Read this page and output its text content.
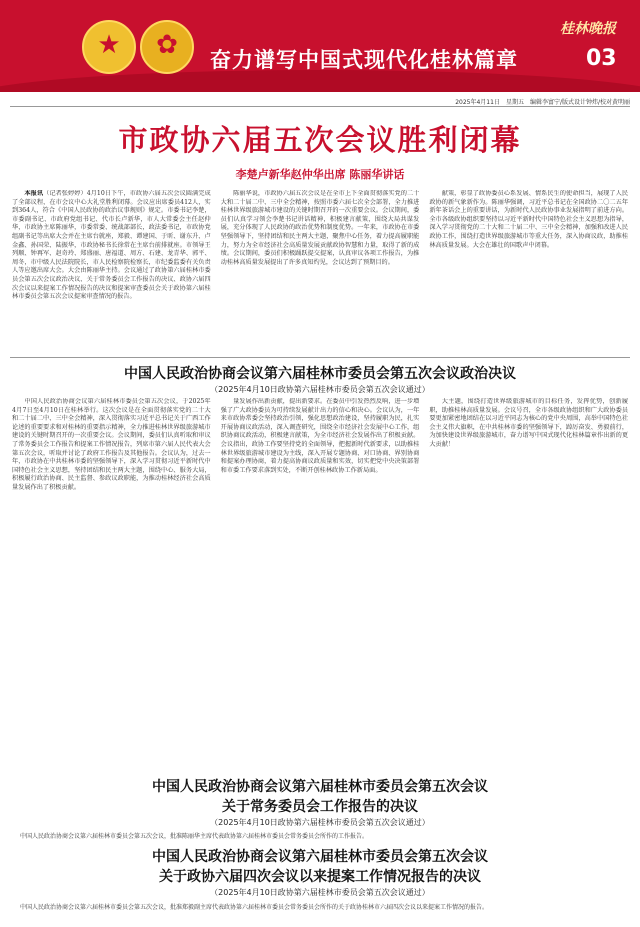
★	✿	奋力谱写中国式现代化桂林篇章
桂林晚报
03
2025年4月11日　星期五　编辑李富宁/版式设计钟炜/校对黄明丽
市政协六届五次会议胜利闭幕
李楚卢新华赵仲华出席 陈丽华讲话

本报讯（记者张婷婷）4月10日下午，市政协六届五次会议圆满完成了全部议程，在市会议中心大礼堂胜利闭幕。会议应出席委员412人，实到364人，符合《中国人民政协的政治议事规则》规定。市委书记李楚，市委副书记、市政府党组书记、代市长卢新华，市人大常委会主任赵仲华，市政协主席陈丽华，市委常委、统战部部长，政法委书记，市政协党组副书记等出席大会并在主席台就座，郑毅、谭建国、于昕、谢东升、卢金鑫、孙国荣、陆振华，市政协秘书长徐常在主席台前排就座。市领导王列顺、钟再军、赵奇玲、郑盛丽、唐福道、周方、石建、龙青华、郭平、周冬，市中级人民法院院长，市人民检察院检察长，市纪委监委有关负责人等应邀出席大会。大会由陈丽华主持。会议通过了政协第六届桂林市委员会第五次会议政治决议、关于常务委员会工作报告的决议、政协六届四次会议以来提案工作情况报告的决议和提案审查委员会关于政协第六届桂林市委员会第五次会议提案审查情况的报告。

陈丽华说，市政协六届五次会议是在全市上下全面贯彻落实党的二十大和二十届二中、三中全会精神，按照市委六届七次全会部署，全力推进桂林世界级旅游城市建设的关键时期召开的一次重要会议。会议期间，委员们认真学习领会李楚书记讲话精神，积极建言献策，围绕大局共谋发展，充分体现了人民政协的政治优势和制度优势。一年来，市政协在市委坚强领导下，坚持团结和民主两大主题，聚焦中心任务，着力提高履职能力，努力为全市经济社会高质量发展贡献政协智慧和力量，取得了新的成绩。会议期间，委员们积极踊跃提交提案，认真审议各项工作报告，为推动桂林高质量发展提出了许多真知灼见，会议达到了预期目的。

献策，彰显了政协委员心系发展、情系民生的使命担当，展现了人民政协的新气象新作为。陈丽华强调，习近平总书记在全国政协二〇二五年新年茶话会上的重要讲话，为新时代人民政协事业发展指明了前进方向。全市各级政协组织要坚持以习近平新时代中国特色社会主义思想为指导，深入学习贯彻党的二十大和二十届二中、三中全会精神，加强和改进人民政协工作，围绕打造世界级旅游城市等重大任务，深入协商议政，助推桂林高质量发展。大会在雄壮的国歌声中闭幕。

中国人民政治协商会议第六届桂林市委员会第五次会议政治决议
（2025年4月10日政协第六届桂林市委员会第五次会议通过）

中国人民政治协商会议第六届桂林市委员会第五次会议，于2025年4月7日至4月10日在桂林举行。这次会议是在全面贯彻落实党的二十大和二十届二中、三中全会精神，深入贯彻落实习近平总书记关于广西工作论述的重要要求和对桂林的重要指示精神，全力推进桂林世界级旅游城市建设的关键时期召开的一次重要会议。会议期间，委员们认真听取和审议了常务委员会工作报告和提案工作情况报告，列席市第六届人民代表大会第五次会议，听取并讨论了政府工作报告及其他报告。会议认为，过去一年，市政协在中共桂林市委的坚强领导下，深入学习贯彻习近平新时代中国特色社会主义思想，坚持团结和民主两大主题，围绕中心、服务大局，积极履行政治协商、民主监督、参政议政职能，为推动桂林经济社会高质量发展作出了积极贡献。

量发展作出新贡献，提出新要求。在委员中引发热烈反响，进一步增强了广大政协委员为可持续发展献计出力的信心和决心。会议认为，一年来市政协常委会坚持政治引领，强化思想政治建设，坚持履职为民，扎实开展协商议政活动，深入调查研究，围绕全市经济社会发展中心工作，组织协商议政活动，积极建言献策，为全市经济社会发展作出了积极贡献。会议指出，政协工作要坚持党的全面领导，把握新时代新要求，以助推桂林世界级旅游城市建设为主线，深入开展专题协商、对口协商、界别协商和提案办理协商，着力提高协商议政质量和实效，切实把党中央决策部署和市委工作要求落到实处，不断开创桂林政协工作新局面。

大主题，围绕打造世界级旅游城市的目标任务，发挥优势，创新履职，助推桂林高质量发展。会议号召，全市各级政协组织和广大政协委员要更加紧密地团结在以习近平同志为核心的党中央周围，高举中国特色社会主义伟大旗帜，在中共桂林市委的坚强领导下，踔厉奋发、勇毅前行，为加快建设世界级旅游城市，奋力谱写中国式现代化桂林篇章作出新的更大贡献！

中国人民政治协商会议第六届桂林市委员会第五次会议
关于常务委员会工作报告的决议
（2025年4月10日政协第六届桂林市委员会第五次会议通过）
中国人民政治协商会议第六届桂林市委员会第五次会议，批准陈丽华主席代表政协第六届桂林市委员会常务委员会所作的工作报告。
中国人民政治协商会议第六届桂林市委员会第五次会议
关于政协六届四次会议以来提案工作情况报告的决议
（2025年4月10日政协第六届桂林市委员会第五次会议通过）
中国人民政治协商会议第六届桂林市委员会第五次会议，批准郑毅副主席代表政协第六届桂林市委员会常务委员会所作的关于政协桂林市六届四次会议以来提案工作情况的报告。
